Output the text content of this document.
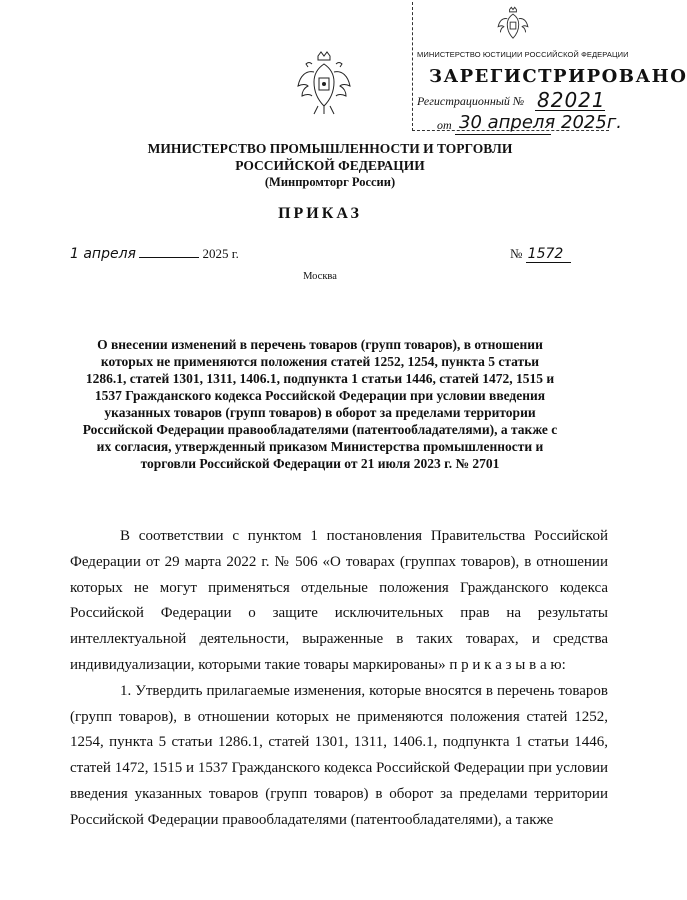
МИНИСТЕРСТВО ЮСТИЦИИ РОССИЙСКОЙ ФЕДЕРАЦИИ
ЗАРЕГИСТРИРОВАНО
Регистрационный № 82021
от 30 апреля 2025г.
МИНИСТЕРСТВО ПРОМЫШЛЕННОСТИ И ТОРГОВЛИ
РОССИЙСКОЙ ФЕДЕРАЦИИ
(Минпромторг России)
ПРИКАЗ
1 апреля	2025 г.	№ 1572
Москва
О внесении изменений в перечень товаров (групп товаров), в отношении которых не применяются положения статей 1252, 1254, пункта 5 статьи 1286.1, статей 1301, 1311, 1406.1, подпункта 1 статьи 1446, статей 1472, 1515 и 1537 Гражданского кодекса Российской Федерации при условии введения указанных товаров (групп товаров) в оборот за пределами территории Российской Федерации правообладателями (патентообладателями), а также с их согласия, утвержденный приказом Министерства промышленности и торговли Российской Федерации от 21 июля 2023 г. № 2701

В соответствии с пунктом 1 постановления Правительства Российской Федерации от 29 марта 2022 г. № 506 «О товарах (группах товаров), в отношении которых не могут применяться отдельные положения Гражданского кодекса Российской Федерации о защите исключительных прав на результаты интеллектуальной деятельности, выраженные в таких товарах, и средства индивидуализации, которыми такие товары маркированы» п р и к а з ы в а ю:

1. Утвердить прилагаемые изменения, которые вносятся в перечень товаров (групп товаров), в отношении которых не применяются положения статей 1252, 1254, пункта 5 статьи 1286.1, статей 1301, 1311, 1406.1, подпункта 1 статьи 1446, статей 1472, 1515 и 1537 Гражданского кодекса Российской Федерации при условии введения указанных товаров (групп товаров) в оборот за пределами территории Российской Федерации правообладателями (патентообладателями), а также
